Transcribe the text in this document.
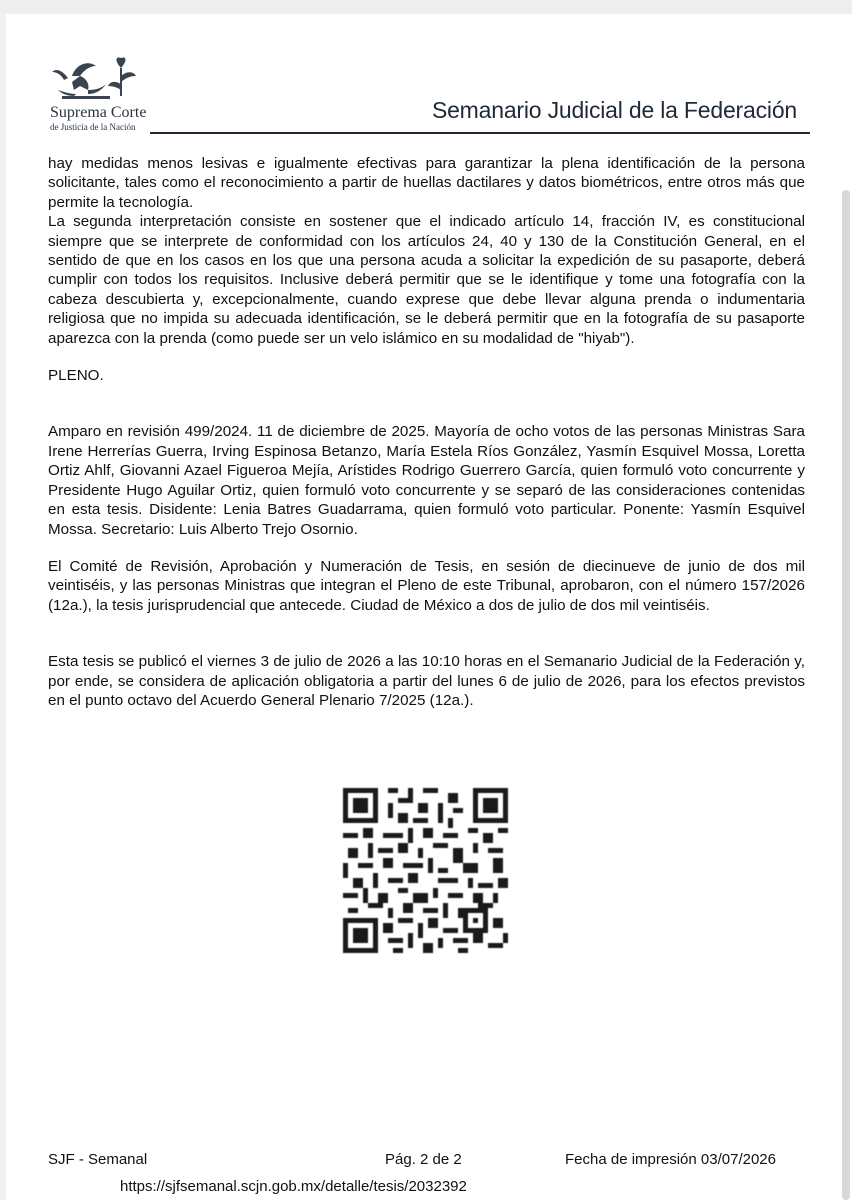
Suprema Corte
de Justicia de la Nación
Semanario Judicial de la Federación

hay medidas menos lesivas e igualmente efectivas para garantizar la plena identificación de la persona solicitante, tales como el reconocimiento a partir de huellas dactilares y datos biométricos, entre otros más que permite la tecnología.

La segunda interpretación consiste en sostener que el indicado artículo 14, fracción IV, es constitucional siempre que se interprete de conformidad con los artículos 24, 40 y 130 de la Constitución General, en el sentido de que en los casos en los que una persona acuda a solicitar la expedición de su pasaporte, deberá cumplir con todos los requisitos. Inclusive deberá permitir que se le identifique y tome una fotografía con la cabeza descubierta y, excepcionalmente, cuando exprese que debe llevar alguna prenda o indumentaria religiosa que no impida su adecuada identificación, se le deberá permitir que en la fotografía de su pasaporte aparezca con la prenda (como puede ser un velo islámico en su modalidad de "hiyab").

PLENO.

Amparo en revisión 499/2024. 11 de diciembre de 2025. Mayoría de ocho votos de las personas Ministras Sara Irene Herrerías Guerra, Irving Espinosa Betanzo, María Estela Ríos González, Yasmín Esquivel Mossa, Loretta Ortiz Ahlf, Giovanni Azael Figueroa Mejía, Arístides Rodrigo Guerrero García, quien formuló voto concurrente y Presidente Hugo Aguilar Ortiz, quien formuló voto concurrente y se separó de las consideraciones contenidas en esta tesis. Disidente: Lenia Batres Guadarrama, quien formuló voto particular. Ponente: Yasmín Esquivel Mossa. Secretario: Luis Alberto Trejo Osornio.

El Comité de Revisión, Aprobación y Numeración de Tesis, en sesión de diecinueve de junio de dos mil veintiséis, y las personas Ministras que integran el Pleno de este Tribunal, aprobaron, con el número 157/2026 (12a.), la tesis jurisprudencial que antecede. Ciudad de México a dos de julio de dos mil veintiséis.

Esta tesis se publicó el viernes 3 de julio de 2026 a las 10:10 horas en el Semanario Judicial de la Federación y, por ende, se considera de aplicación obligatoria a partir del lunes 6 de julio de 2026, para los efectos previstos en el punto octavo del Acuerdo General Plenario 7/2025 (12a.).

SJF - Semanal	Pág. 2 de 2	Fecha de impresión 03/07/2026
https://sjfsemanal.scjn.gob.mx/detalle/tesis/2032392
